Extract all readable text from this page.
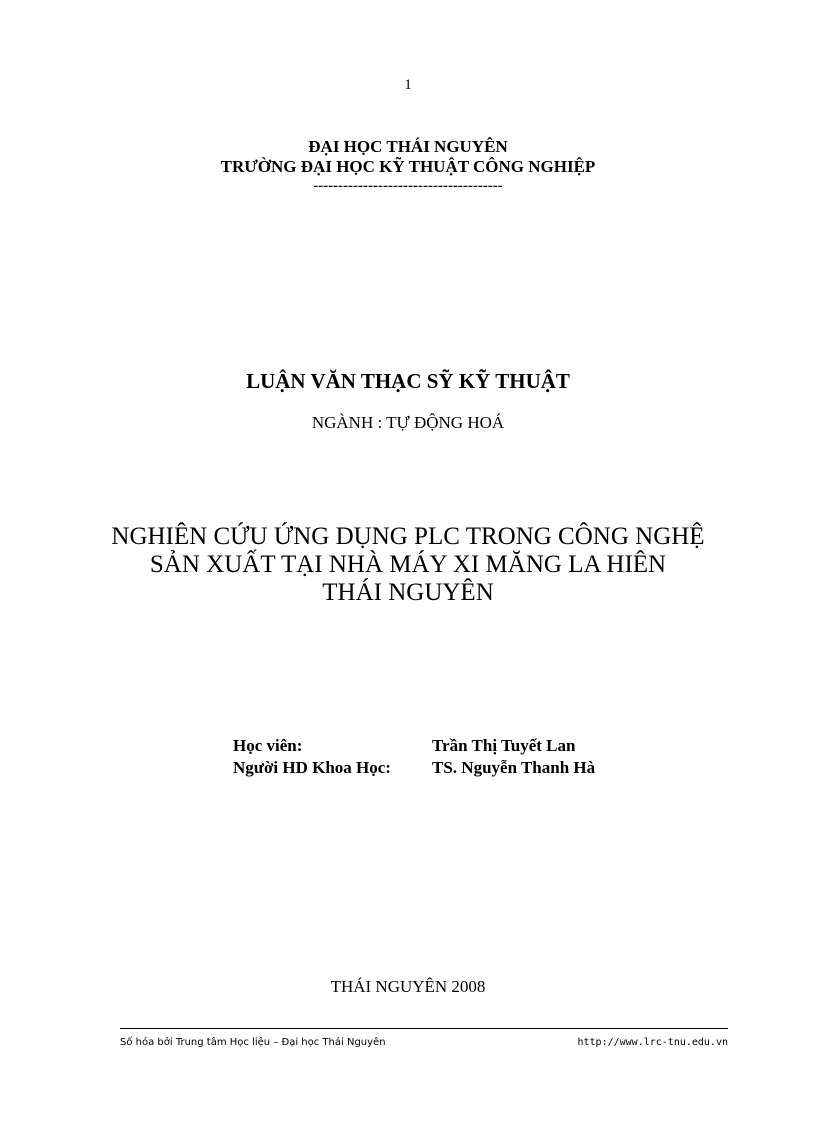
1
ĐẠI HỌC THÁI NGUYÊN
TRƯỜNG ĐẠI HỌC KỸ THUẬT CÔNG NGHIỆP
--------------------------------------
LUẬN VĂN THẠC SỸ KỸ THUẬT
NGÀNH : TỰ ĐỘNG HOÁ
NGHIÊN CỨU ỨNG DỤNG PLC TRONG CÔNG NGHỆ
SẢN XUẤT TẠI NHÀ MÁY XI MĂNG LA HIÊN
THÁI NGUYÊN
Học viên:	Trần Thị Tuyết Lan
Người HD Khoa Học: TS. Nguyễn Thanh Hà
THÁI NGUYÊN 2008
Số hóa bởi Trung tâm Học liệu – Đại học Thái Nguyên	http://www.lrc-tnu.edu.vn
